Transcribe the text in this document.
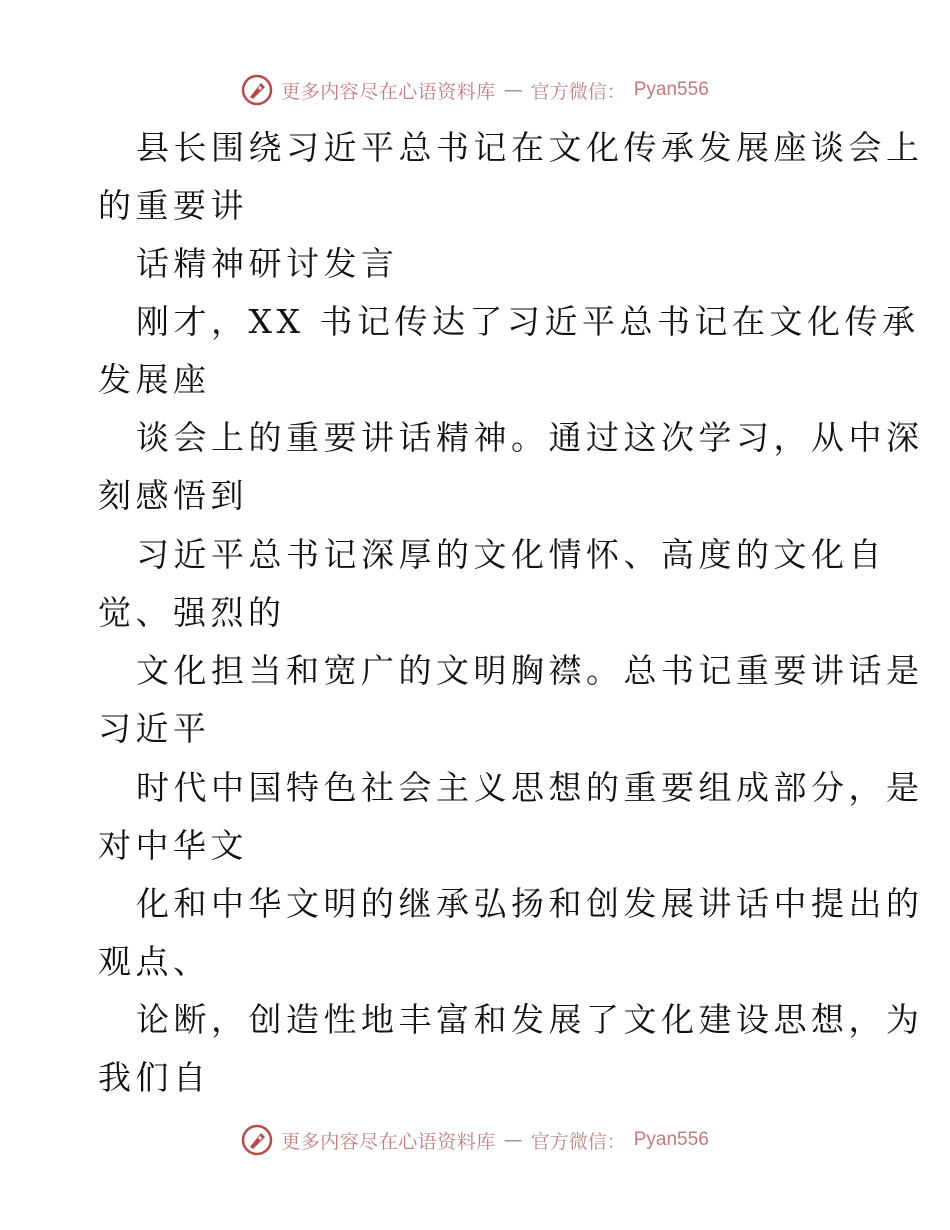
更多内容尽在心语资料库 — 官方微信： Pyan556
县长围绕习近平总书记在文化传承发展座谈会上
的重要讲
话精神研讨发言
刚才，XX 书记传达了习近平总书记在文化传承
发展座
谈会上的重要讲话精神。通过这次学习，从中深
刻感悟到
习近平总书记深厚的文化情怀、高度的文化自
觉、强烈的
文化担当和宽广的文明胸襟。总书记重要讲话是
习近平
时代中国特色社会主义思想的重要组成部分，是
对中华文
化和中华文明的继承弘扬和创发展讲话中提出的
观点、
论断，创造性地丰富和发展了文化建设思想，为
我们自
更多内容尽在心语资料库 — 官方微信： Pyan556
